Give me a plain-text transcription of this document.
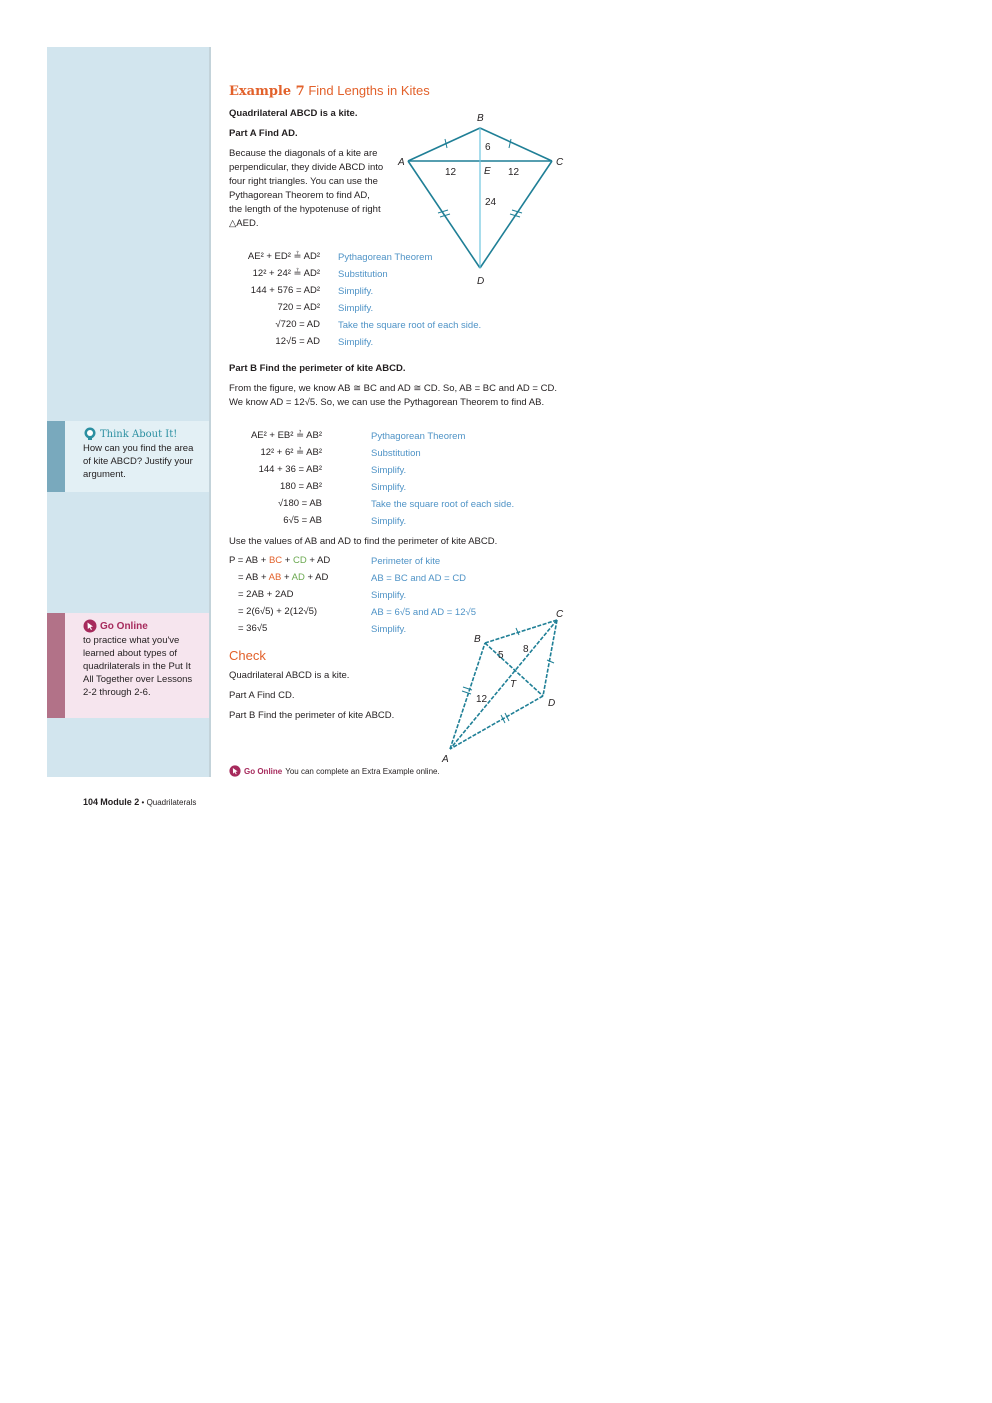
Think About It!
How can you find the area of kite ABCD? Justify your argument.
Go Online
to practice what you've learned about types of quadrilaterals in the Put It All Together over Lessons 2-2 through 2-6.
Example 7 Find Lengths in Kites
Quadrilateral ABCD is a kite.
Part A Find AD.
Because the diagonals of a kite are perpendicular, they divide ABCD into four right triangles. You can use the Pythagorean Theorem to find AD, the length of the hypotenuse of right △AED.
B
A	C
D
E
6
12	12
24
AE² + ED² ≟ AD² Pythagorean Theorem
12² + 24² ≟ AD² Substitution
144 + 576 = AD² Simplify.
720 = AD² Simplify.
√720 = AD Take the square root of each side.
12√5 = AD Simplify.
Part B Find the perimeter of kite ABCD.
From the figure, we know AB ≅ BC and AD ≅ CD. So, AB = BC and AD = CD. We know AD = 12√5. So, we can use the Pythagorean Theorem to find AB.
AE² + EB² ≟ AB²	Pythagorean Theorem
12² + 6² ≟ AB²	Substitution
144 + 36 = AB²	Simplify.
180 = AB²	Simplify.
√180 = AB	Take the square root of each side.
6√5 = AB	Simplify.
Use the values of AB and AD to find the perimeter of kite ABCD.
P = AB + BC + CD + AD	Perimeter of kite
= AB + AB + AD + AD	AB = BC and AD = CD
= 2AB + 2AD	Simplify.
= 2(6√5) + 2(12√5)	AB = 6√5 and AD = 12√5
= 36√5	Simplify.
Check
Quadrilateral ABCD is a kite.
Part A Find CD.
Part B Find the perimeter of kite ABCD.
B
C
D
A
T
5
8
12
Go Online You can complete an Extra Example online.
104 Module 2 • Quadrilaterals
